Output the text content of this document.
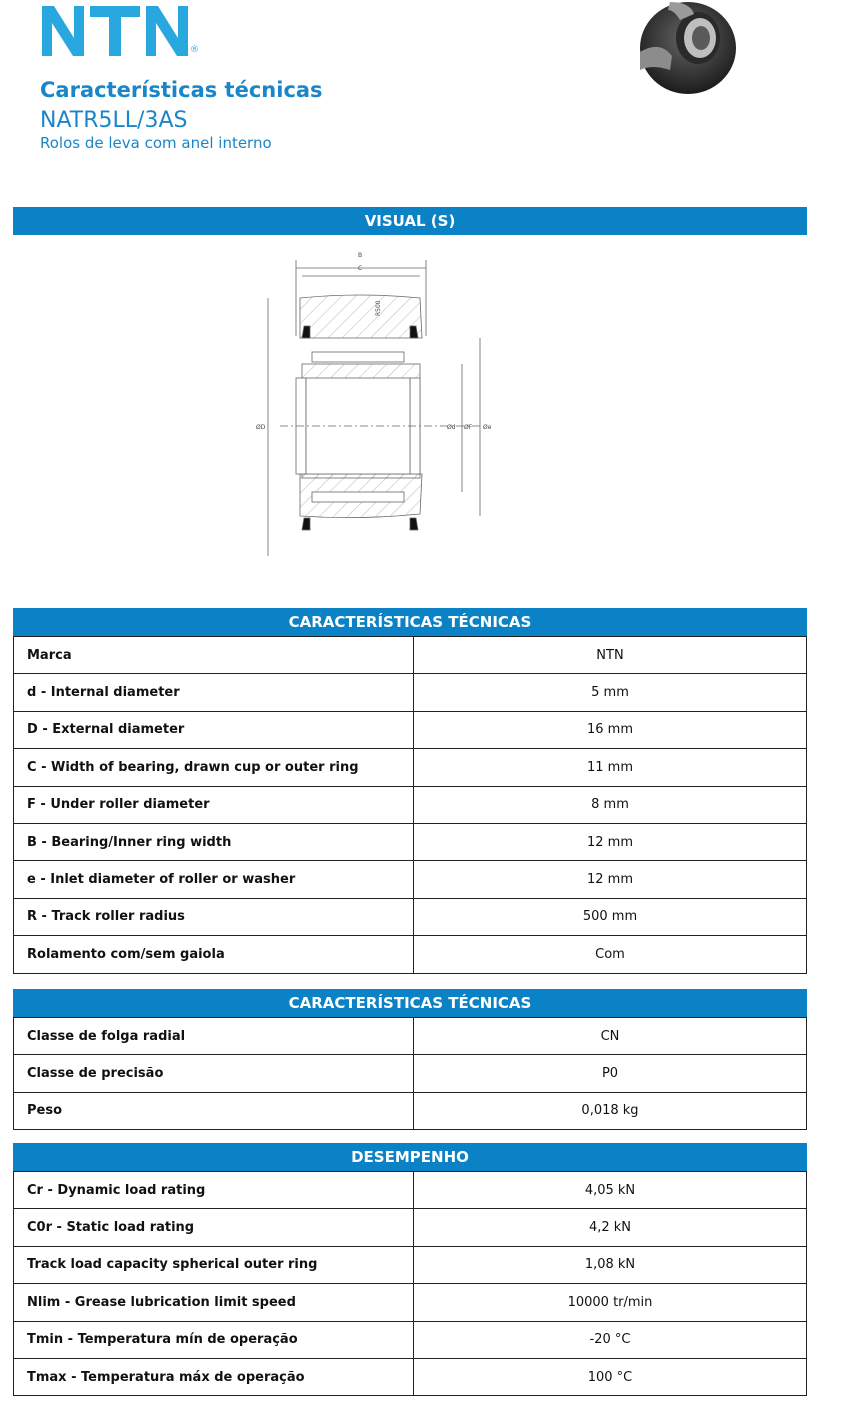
®
Características técnicas
NATR5LL/3AS
Rolos de leva com anel interno
VISUAL (S)
B
C
R500
ØD	Ød ØF Øe
CARACTERÍSTICAS TÉCNICAS
Marca	NTN
d - Internal diameter	5 mm
D - External diameter	16 mm
C - Width of bearing, drawn cup or outer ring	11 mm
F - Under roller diameter	8 mm
B - Bearing/Inner ring width	12 mm
e - Inlet diameter of roller or washer	12 mm
R - Track roller radius	500 mm
Rolamento com/sem gaiola	Com
CARACTERÍSTICAS TÉCNICAS
Classe de folga radial	CN
Classe de precisão	P0
Peso	0,018 kg
DESEMPENHO
Cr - Dynamic load rating	4,05 kN
C0r - Static load rating	4,2 kN
Track load capacity spherical outer ring	1,08 kN
Nlim - Grease lubrication limit speed	10000 tr/min
Tmin - Temperatura mín de operação	-20 °C
Tmax - Temperatura máx de operação	100 °C
